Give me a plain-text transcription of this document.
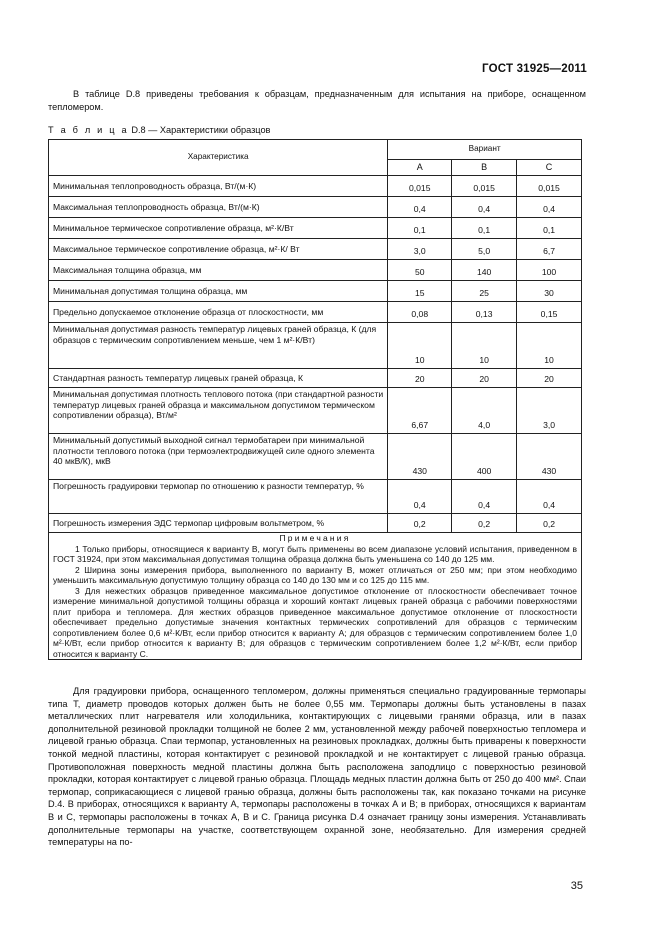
ГОСТ 31925—2011
В таблице D.8 приведены требования к образцам, предназначенным для испытания на приборе, оснащенном тепломером.
Т а б л и ц а D.8 — Характеристики образцов
Характеристика	Вариант		
	A	B	C
Минимальная теплопроводность образца, Вт/(м·К)	0,015	0,015	0,015
Максимальная теплопроводность образца, Вт/(м·К)	0,4	0,4	0,4
Минимальное термическое сопротивление образца, м²·К/Вт	0,1	0,1	0,1
Максимальное термическое сопротивление образца, м²·К/ Вт	3,0	5,0	6,7
Максимальная толщина образца, мм	50	140	100
Минимальная допустимая толщина образца, мм	15	25	30
Предельно допускаемое отклонение образца от плоскостности, мм	0,08	0,13	0,15
Минимальная допустимая разность температур лицевых граней образца, К (для образцов с термическим сопротивлением меньше, чем 1 м²·К/Вт)	10	10	10
Стандартная разность температур лицевых граней образца, К	20	20	20
Минимальная допустимая плотность теплового потока (при стандартной разности температур лицевых граней образца и максимальном допустимом термическом сопротивлении образца), Вт/м²	6,67	4,0	3,0
Минимальный допустимый выходной сигнал термобатареи при минимальной плотности теплового потока (при термоэлектродвижущей силе одного элемента 40 мкВ/К), мкВ	430	400	430
Погрешность градуировки термопар по отношению к разности температур, %	0,4	0,4	0,4
Погрешность измерения ЭДС термопар цифровым вольтметром, %	0,2	0,2	0,2

Примечания

1 Только приборы, относящиеся к варианту В, могут быть применены во всем диапазоне условий испытания, приведенном в ГОСТ 31924, при этом максимальная допустимая толщина образца должна быть уменьшена со 140 до 125 мм.

2 Ширина зоны измерения прибора, выполненного по варианту В, может отличаться от 250 мм; при этом необходимо уменьшить максимальную допустимую толщину образца со 140 до 130 мм и со 125 до 115 мм.

3 Для нежестких образцов приведенное максимальное допустимое отклонение от плоскостности обеспечивает точное измерение минимальной допустимой толщины образца и хороший контакт лицевых граней образца с рабочими поверхностями плит прибора и тепломера. Для жестких образцов приведенное максимальное допустимое отклонение от плоскостности обеспечивает предельно допустимые значения контактных термических сопротивлений для образцов с термическим сопротивлением более 0,6 м²·К/Вт, если прибор относится к варианту А; для образцов с термическим сопротивлением более 1,0 м²·К/Вт, если прибор относится к варианту В; для образцов с термическим сопротивлением более 1,2 м²·К/Вт, если прибор относится к варианту С.			

Для градуировки прибора, оснащенного тепломером, должны применяться специально градуированные термопары типа Т, диаметр проводов которых должен быть не более 0,55 мм. Термопары должны быть установлены в пазах металлических плит нагревателя или холодильника, контактирующих с лицевыми гранями образца, или в пазах дополнительной резиновой прокладки толщиной не более 2 мм, установленной между рабочей поверхностью тепломера и лицевой гранью образца. Спаи термопар, установленных на резиновых прокладках, должны быть приварены к поверхности тонкой медной пластины, которая контактирует с резиновой прокладкой и не контактирует с лицевой гранью образца. Противоположная поверхность медной пластины должна быть расположена заподлицо с поверхностью резиновой прокладки, которая контактирует с лицевой гранью образца. Площадь медных пластин должна быть от 250 до 400 мм². Спаи термопар, соприкасающиеся с лицевой гранью образца, должны быть расположены так, как показано точками на рисунке D.4. В приборах, относящихся к варианту А, термопары расположены в точках А и В; в приборах, относящихся к вариантам В и С, термопары расположены в точках А, В и С. Граница рисунка D.4 означает границу зоны измерения. Устанавливать дополнительные термопары на участке, соответствующем охранной зоне, необязательно. Для измерения средней температуры на по-
35
